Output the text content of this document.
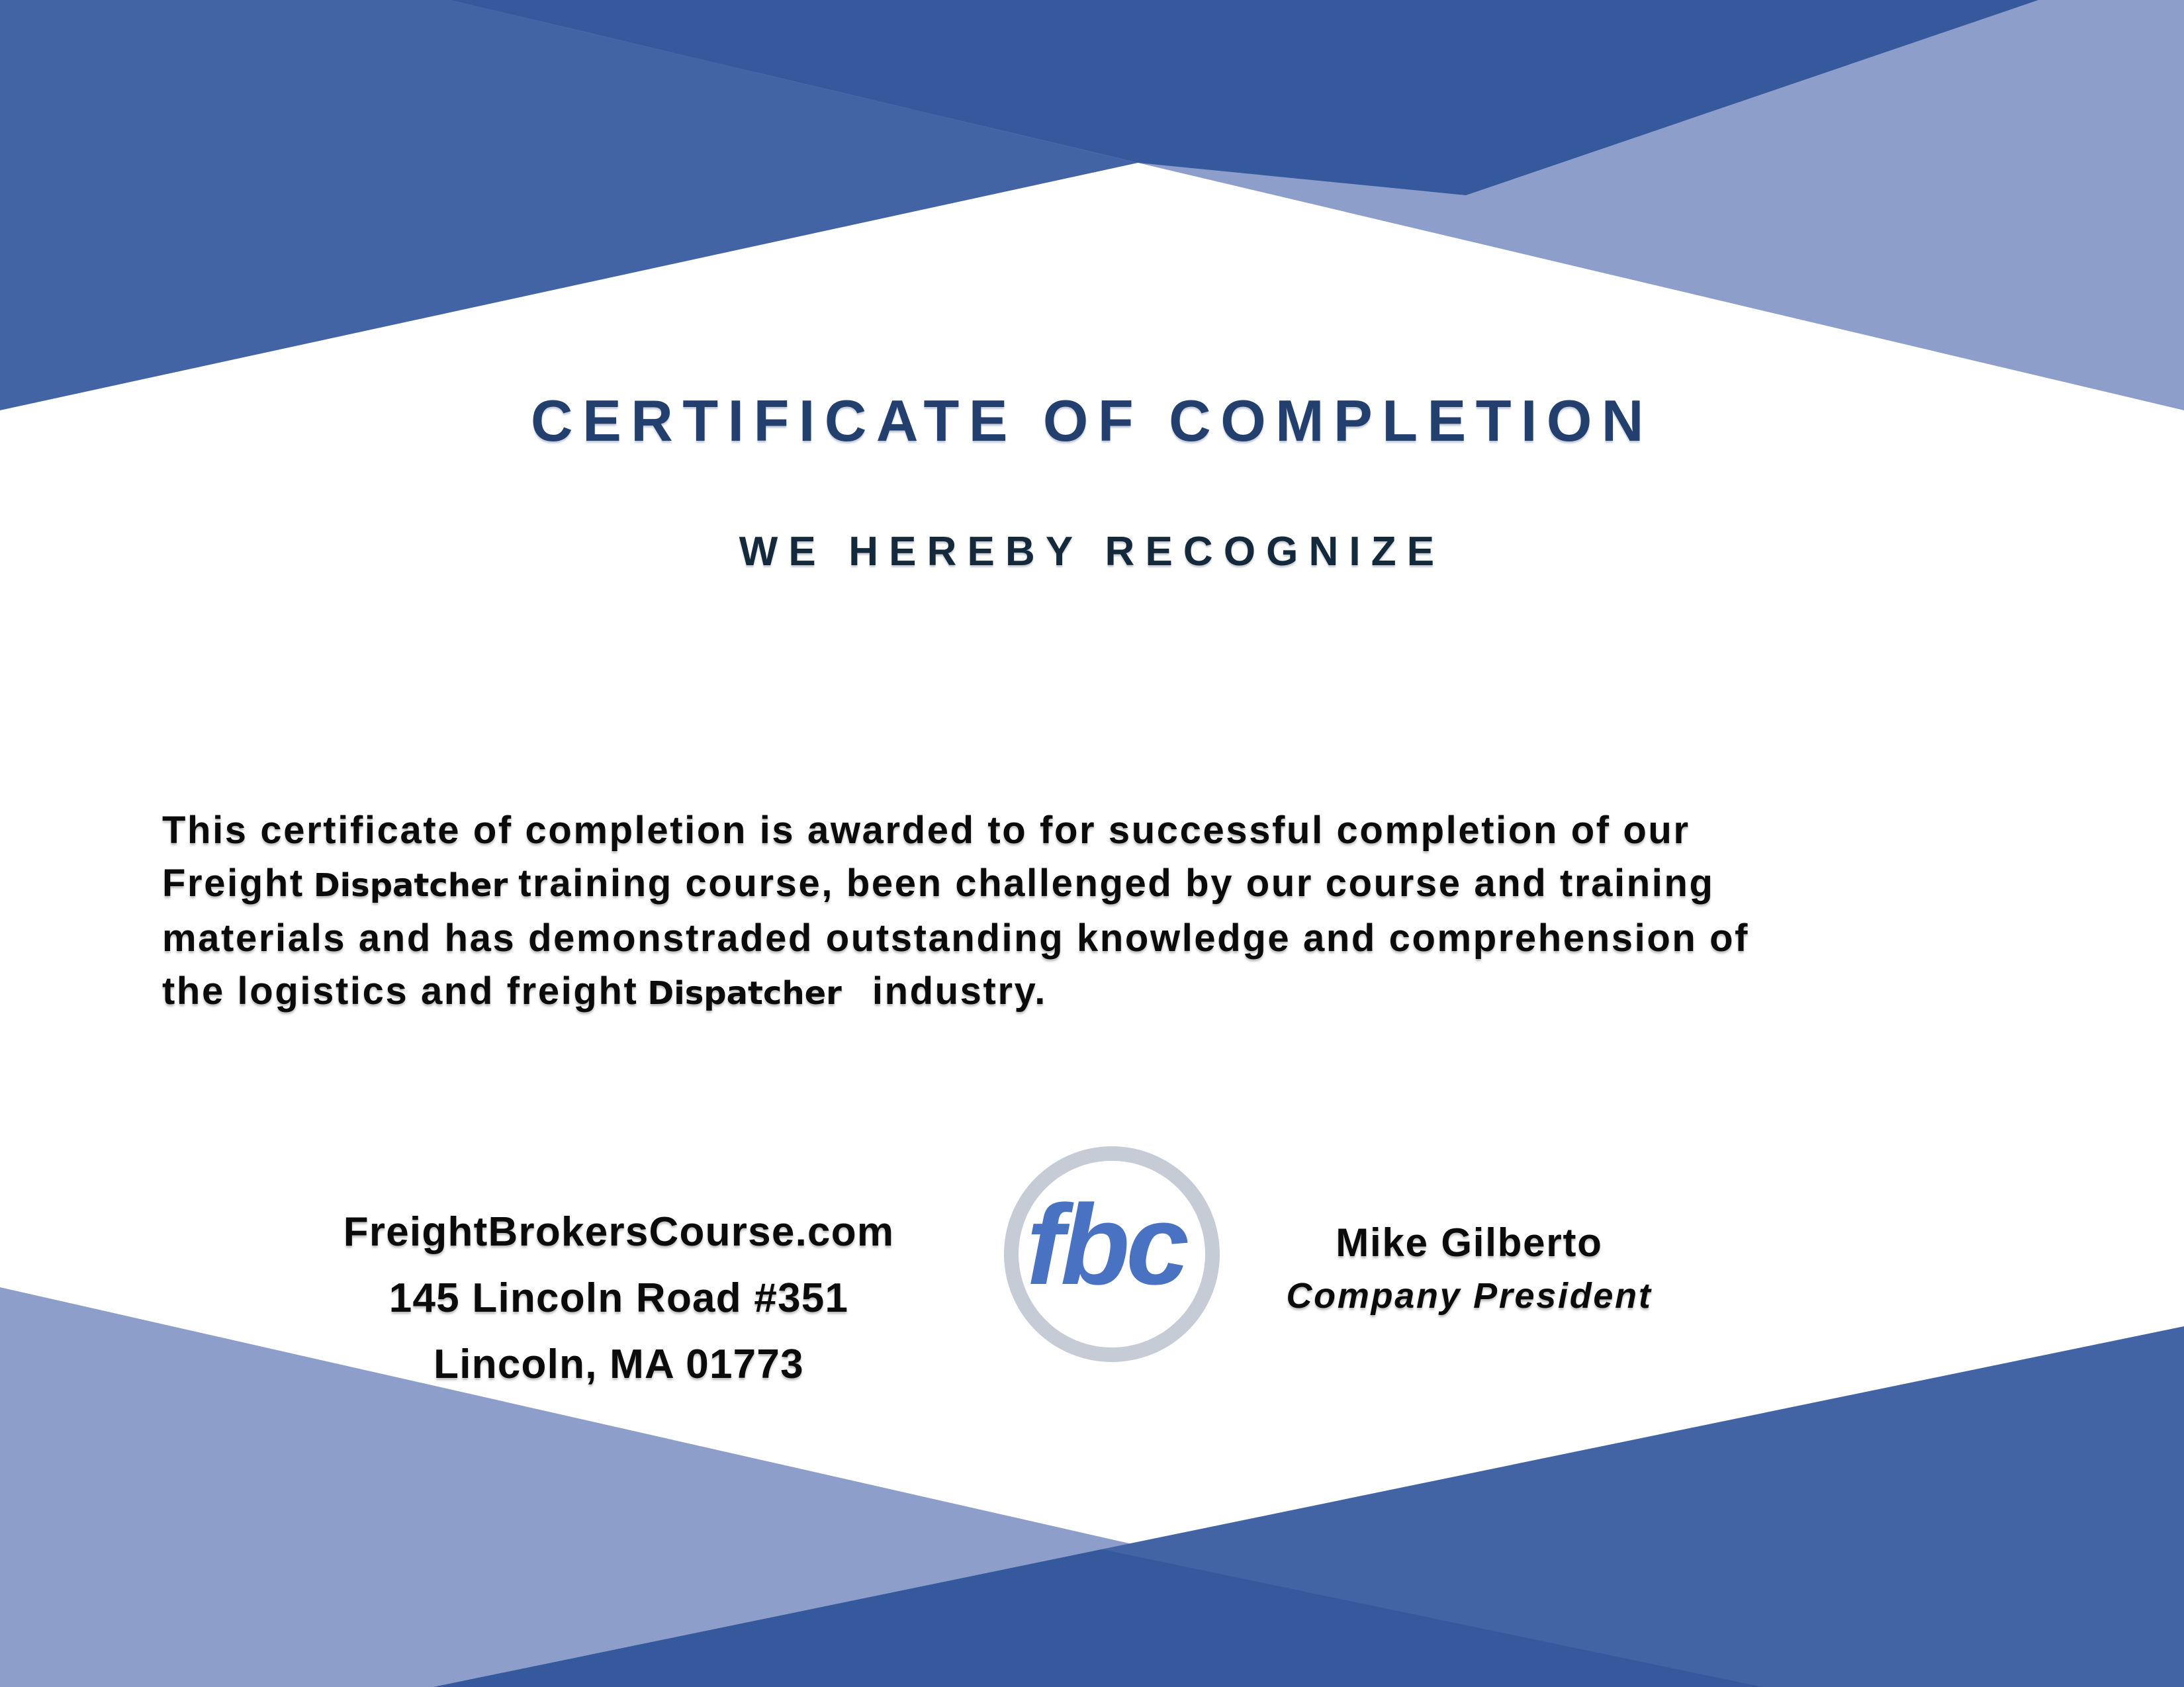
CERTIFICATE OF COMPLETION
WE HEREBY RECOGNIZE
This certificate of completion is awarded to for successful completion of our
Freight Dispatcher training course, been challenged by our course and training
materials and has demonstraded outstanding knowledge and comprehension of
the logistics and freight Dispatcher industry.
FreightBrokersCourse.com
145 Lincoln Road #351
Lincoln, MA 01773
fbc	Mike Gilberto
Company President
